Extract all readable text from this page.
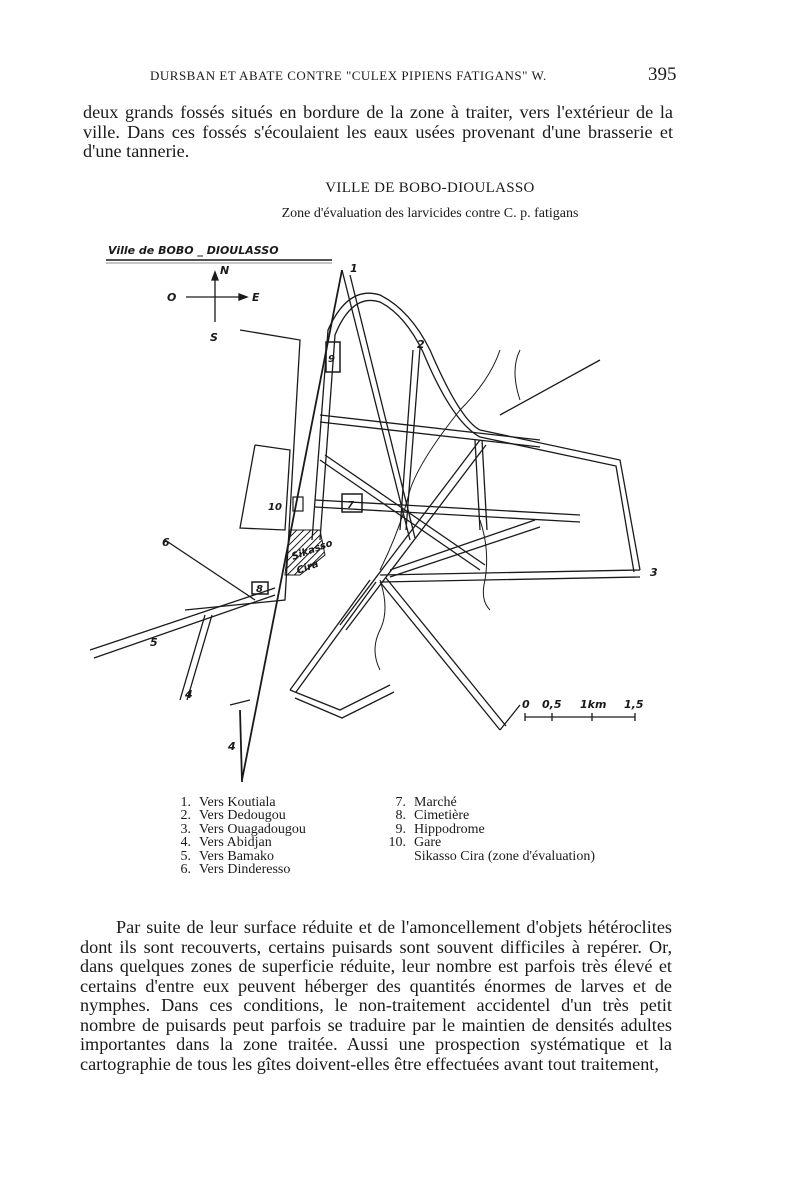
DURSBAN ET ABATE CONTRE "CULEX PIPIENS FATIGANS" W.	395
deux grands fossés situés en bordure de la zone à traiter, vers l'extérieur de la ville. Dans ces fossés s'écoulaient les eaux usées provenant d'une brasserie et d'une tannerie.
VILLE DE BOBO-DIOULASSO
Zone d'évaluation des larvicides contre C. p. fatigans
Ville de BOBO _ DIOULASSO
N
O	E
S
9
7
8
10
Sikasso
Cira
1
2
3
4
4
5
6
0 0,5 1km 1,5
1. Vers Koutiala
2. Vers Dedougou
3. Vers Ouagadougou
4. Vers Abidjan
5. Vers Bamako
6. Vers Dinderesso
7. Marché
8. Cimetière
9. Hippodrome
10. Gare
Sikasso Cira (zone d'évaluation)
Par suite de leur surface réduite et de l'amoncellement d'objets hétéroclites dont ils sont recouverts, certains puisards sont souvent difficiles à repérer. Or, dans quelques zones de superficie réduite, leur nombre est parfois très élevé et certains d'entre eux peuvent héberger des quantités énormes de larves et de nymphes. Dans ces conditions, le non-traitement accidentel d'un très petit nombre de puisards peut parfois se traduire par le maintien de densités adultes importantes dans la zone traitée. Aussi une prospection systématique et la cartographie de tous les gîtes doivent-elles être effectuées avant tout traitement,
